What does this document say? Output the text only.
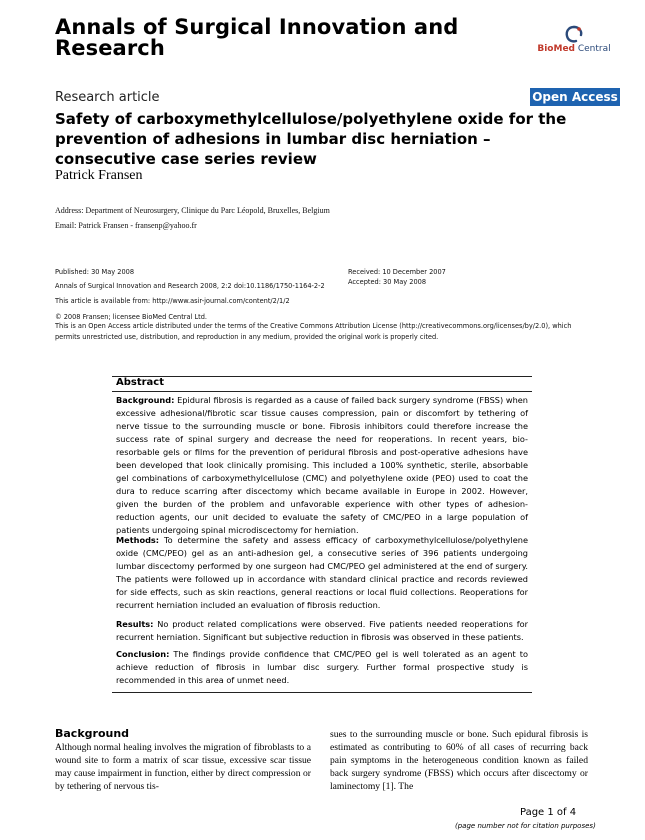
Annals of Surgical Innovation and Research	BioMed Central
Research article	Open Access
Safety of carboxymethylcellulose/polyethylene oxide for the prevention of adhesions in lumbar disc herniation – consecutive case series review
Patrick Fransen
Address: Department of Neurosurgery, Clinique du Parc Léopold, Bruxelles, Belgium
Email: Patrick Fransen - fransenp@yahoo.fr
Published: 30 May 2008
Annals of Surgical Innovation and Research 2008, 2:2 doi:10.1186/1750-1164-2-2
Received: 10 December 2007
Accepted: 30 May 2008
This article is available from: http://www.asir-journal.com/content/2/1/2
© 2008 Fransen; licensee BioMed Central Ltd.
This is an Open Access article distributed under the terms of the Creative Commons Attribution License (http://creativecommons.org/licenses/by/2.0), which permits unrestricted use, distribution, and reproduction in any medium, provided the original work is properly cited.
Abstract
Background: Epidural fibrosis is regarded as a cause of failed back surgery syndrome (FBSS) when excessive adhesional/fibrotic scar tissue causes compression, pain or discomfort by tethering of nerve tissue to the surrounding muscle or bone. Fibrosis inhibitors could therefore increase the success rate of spinal surgery and decrease the need for reoperations. In recent years, bio-resorbable gels or films for the prevention of peridural fibrosis and post-operative adhesions have been developed that look clinically promising. This included a 100% synthetic, sterile, absorbable gel combinations of carboxymethylcellulose (CMC) and polyethylene oxide (PEO) used to coat the dura to reduce scarring after discectomy which became available in Europe in 2002. However, given the burden of the problem and unfavorable experience with other types of adhesion-reduction agents, our unit decided to evaluate the safety of CMC/PEO in a large population of patients undergoing spinal microdiscectomy for herniation.
Methods: To determine the safety and assess efficacy of carboxymethylcellulose/polyethylene oxide (CMC/PEO) gel as an anti-adhesion gel, a consecutive series of 396 patients undergoing lumbar discectomy performed by one surgeon had CMC/PEO gel administered at the end of surgery. The patients were followed up in accordance with standard clinical practice and records reviewed for side effects, such as skin reactions, general reactions or local fluid collections. Reoperations for recurrent herniation included an evaluation of fibrosis reduction.
Results: No product related complications were observed. Five patients needed reoperations for recurrent herniation. Significant but subjective reduction in fibrosis was observed in these patients.
Conclusion: The findings provide confidence that CMC/PEO gel is well tolerated as an agent to achieve reduction of fibrosis in lumbar disc surgery. Further formal prospective study is recommended in this area of unmet need.
Background
Although normal healing involves the migration of fibroblasts to a wound site to form a matrix of scar tissue, excessive scar tissue may cause impairment in function, either by direct compression or by tethering of nervous tis-
sues to the surrounding muscle or bone. Such epidural fibrosis is estimated as contributing to 60% of all cases of recurring back pain symptoms in the heterogeneous condition known as failed back surgery syndrome (FBSS) which occurs after discectomy or laminectomy [1]. The
Page 1 of 4
(page number not for citation purposes)
